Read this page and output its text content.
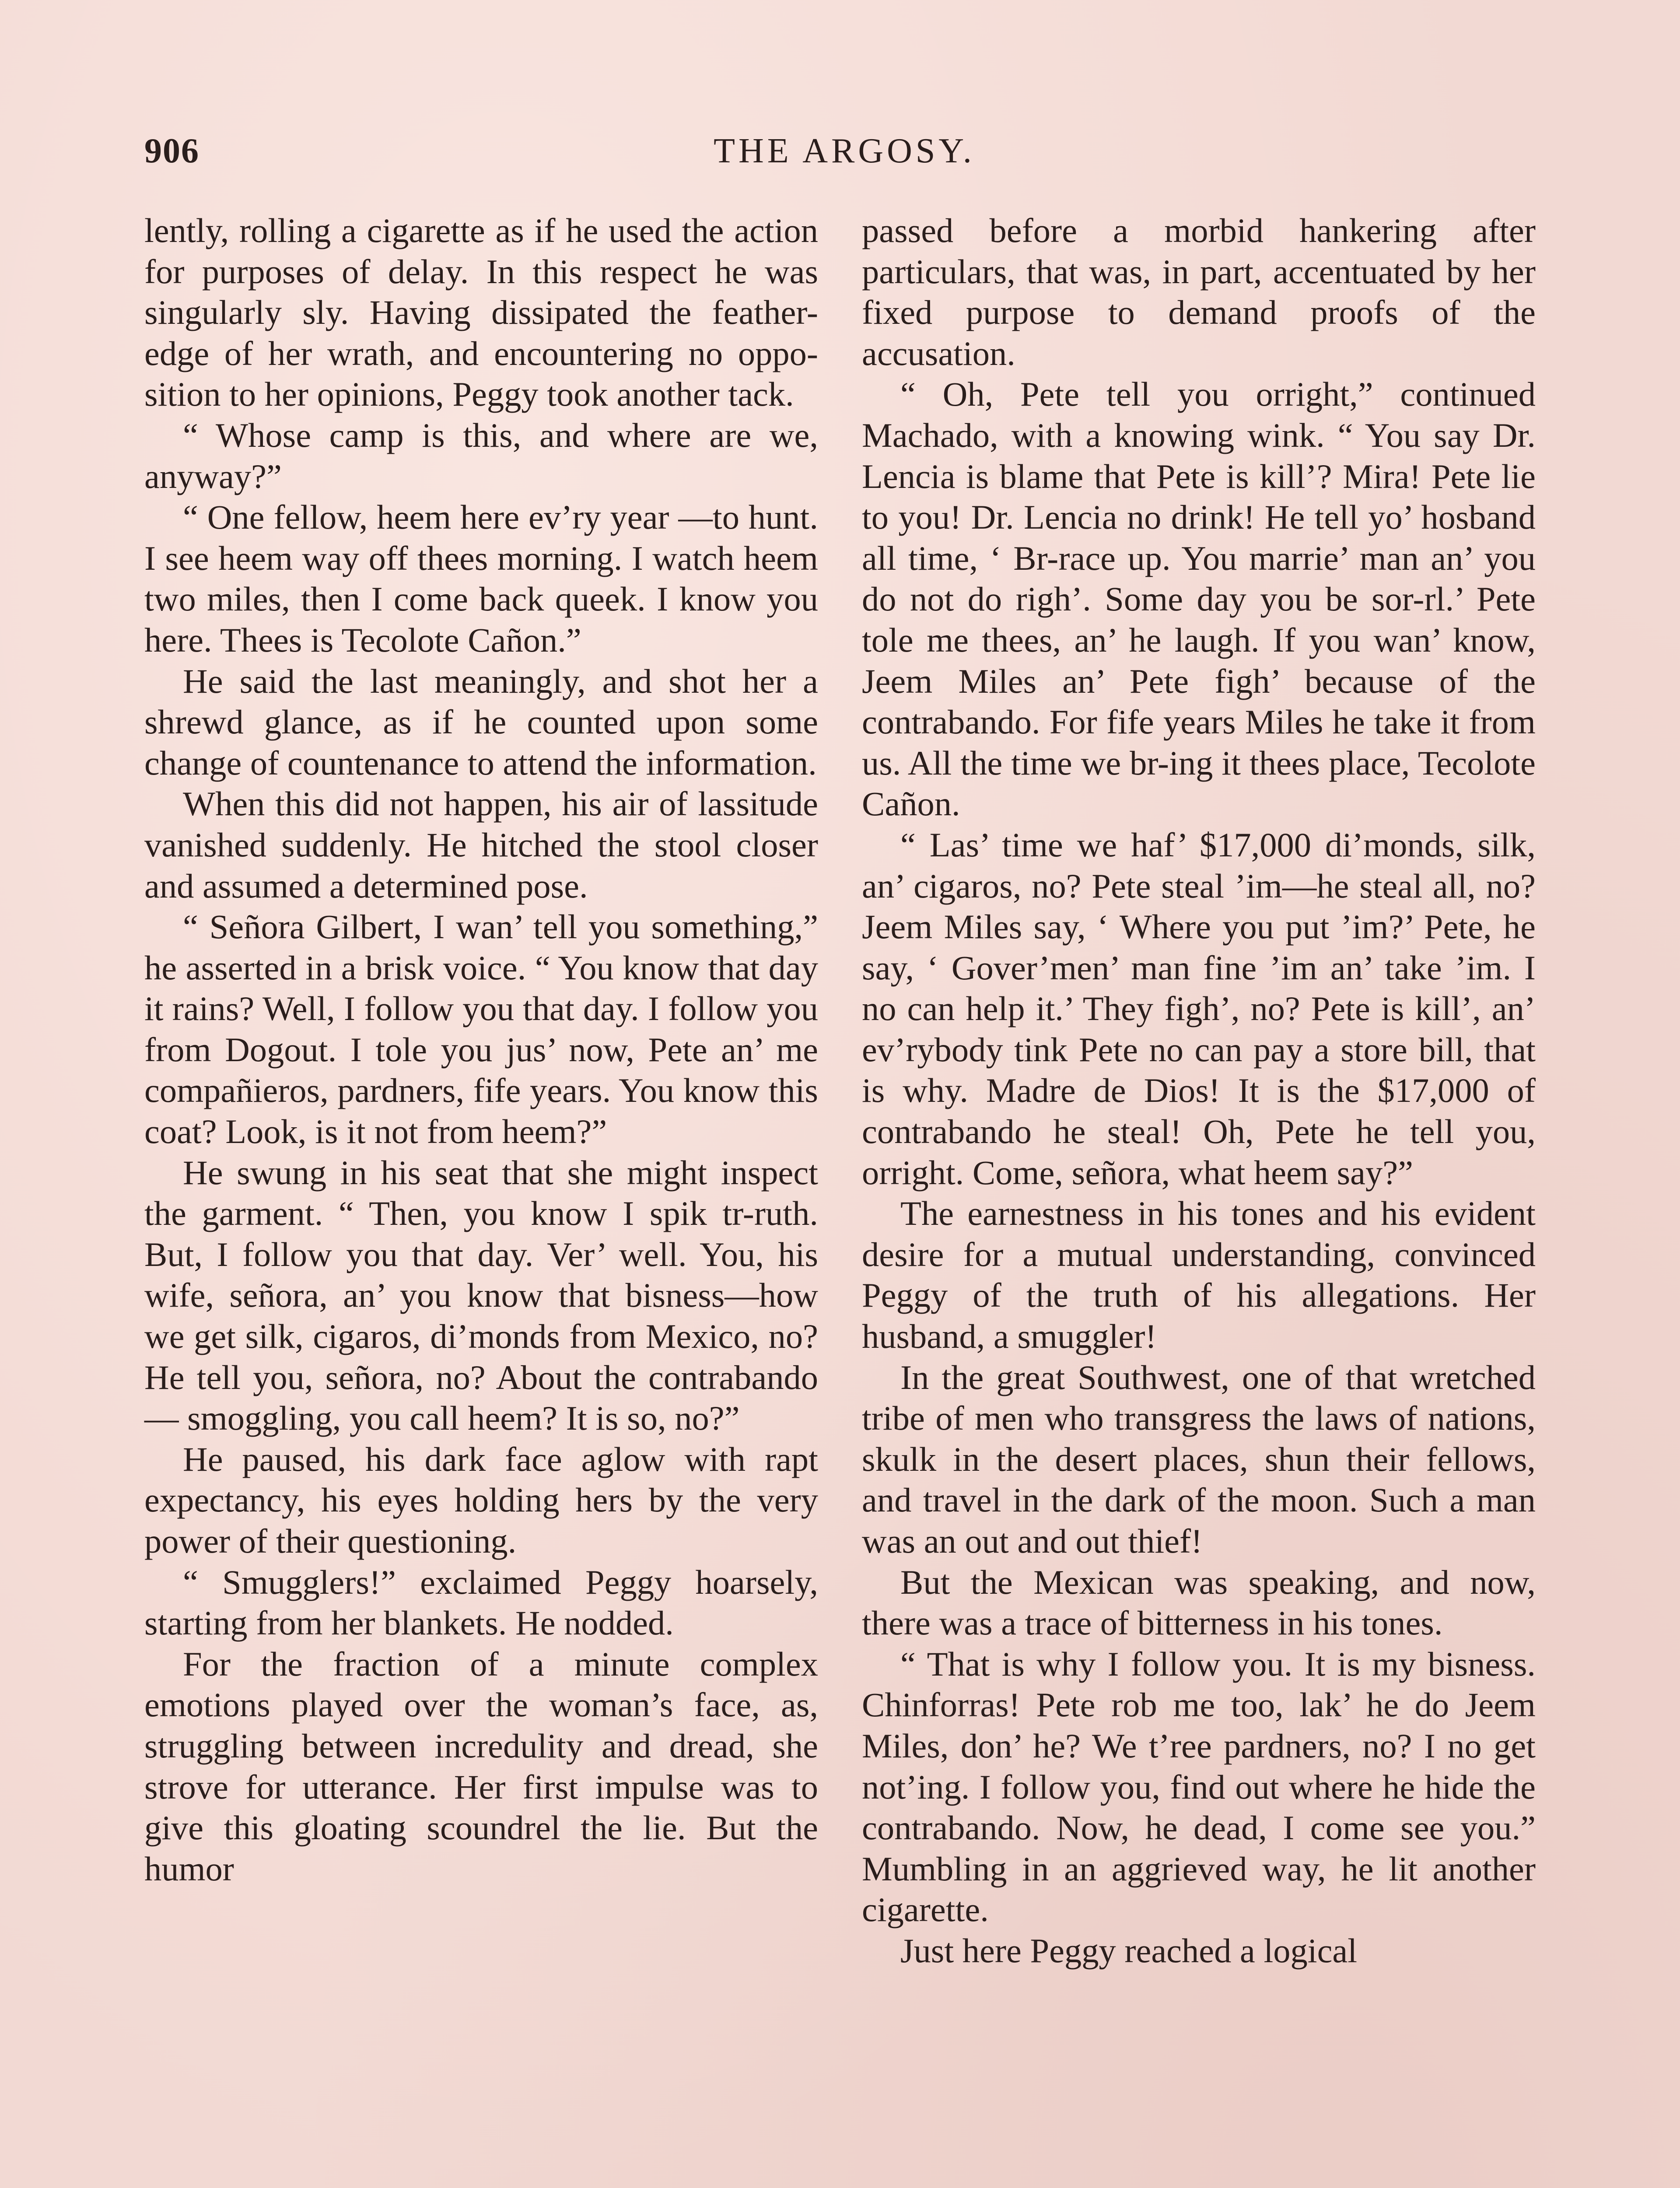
906	THE ARGOSY.

lently, rolling a cigarette as if he used the action for purposes of delay. In this respect he was singularly sly. Having dissipated the feather-edge of her wrath, and encountering no opposition to her opinions, Peggy took another tack.

“ Whose camp is this, and where are we, anyway?”

“ One fellow, heem here ev’ry year —to hunt. I see heem way off thees morning. I watch heem two miles, then I come back queek. I know you here. Thees is Tecolote Cañon.”

He said the last meaningly, and shot her a shrewd glance, as if he counted upon some change of countenance to attend the information.

When this did not happen, his air of lassitude vanished suddenly. He hitched the stool closer and assumed a determined pose.

“ Señora Gilbert, I wan’ tell you something,” he asserted in a brisk voice. “ You know that day it rains? Well, I follow you that day. I follow you from Dogout. I tole you jus’ now, Pete an’ me compañieros, pardners, fife years. You know this coat? Look, is it not from heem?”

He swung in his seat that she might inspect the garment. “ Then, you know I spik tr-ruth. But, I follow you that day. Ver’ well. You, his wife, señora, an’ you know that bisness—how we get silk, cigaros, di’monds from Mexico, no? He tell you, señora, no? About the contrabando— smoggling, you call heem? It is so, no?”

He paused, his dark face aglow with rapt expectancy, his eyes holding hers by the very power of their questioning.

“ Smugglers!” exclaimed Peggy hoarsely, starting from her blankets. He nodded.

For the fraction of a minute complex emotions played over the woman’s face, as, struggling between incredulity and dread, she strove for utterance. Her first impulse was to give this gloating scoundrel the lie. But the humor

passed before a morbid hankering after particulars, that was, in part, accentuated by her fixed purpose to demand proofs of the accusation.

“ Oh, Pete tell you orright,” continued Machado, with a knowing wink. “ You say Dr. Lencia is blame that Pete is kill’? Mira! Pete lie to you! Dr. Lencia no drink! He tell yo’ hosband all time, ‘ Br-race up. You marrie’ man an’ you do not do righ’. Some day you be sor-rl.’ Pete tole me thees, an’ he laugh. If you wan’ know, Jeem Miles an’ Pete figh’ because of the contrabando. For fife years Miles he take it from us. All the time we br-ing it thees place, Tecolote Cañon.

“ Las’ time we haf’ $17,000 di’monds, silk, an’ cigaros, no? Pete steal ’im—he steal all, no? Jeem Miles say, ‘ Where you put ’im?’ Pete, he say, ‘ Gover’men’ man fine ’im an’ take ’im. I no can help it.’ They figh’, no? Pete is kill’, an’ ev’rybody tink Pete no can pay a store bill, that is why. Madre de Dios! It is the $17,000 of contrabando he steal! Oh, Pete he tell you, orright. Come, señora, what heem say?”

The earnestness in his tones and his evident desire for a mutual understanding, convinced Peggy of the truth of his allegations. Her husband, a smuggler!

In the great Southwest, one of that wretched tribe of men who transgress the laws of nations, skulk in the desert places, shun their fellows, and travel in the dark of the moon. Such a man was an out and out thief!

But the Mexican was speaking, and now, there was a trace of bitterness in his tones.

“ That is why I follow you. It is my bisness. Chinforras! Pete rob me too, lak’ he do Jeem Miles, don’ he? We t’ree pardners, no? I no get not’ing. I follow you, find out where he hide the contrabando. Now, he dead, I come see you.” Mumbling in an aggrieved way, he lit another cigarette.

Just here Peggy reached a logical
